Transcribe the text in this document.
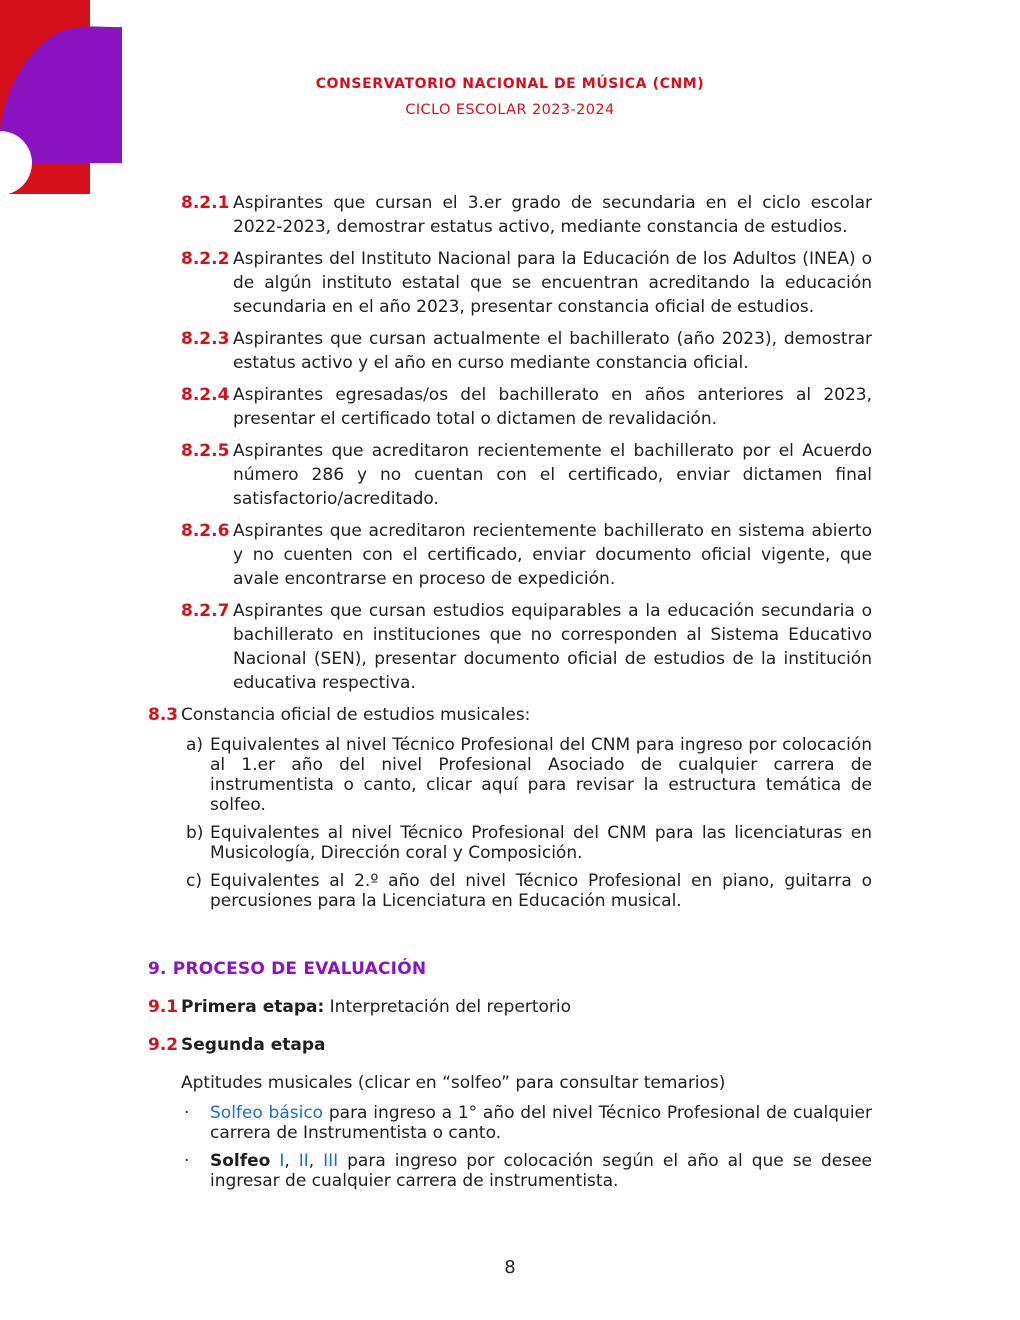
CONSERVATORIO NACIONAL DE MÚSICA (CNM)
CICLO ESCOLAR 2023-2024
8.2.1 Aspirantes que cursan el 3.er grado de secundaria en el ciclo escolar 2022-2023, demostrar estatus activo, mediante constancia de estudios.
8.2.2 Aspirantes del Instituto Nacional para la Educación de los Adultos (INEA) o de algún instituto estatal que se encuentran acreditando la educación secundaria en el año 2023, presentar constancia oficial de estudios.
8.2.3 Aspirantes que cursan actualmente el bachillerato (año 2023), demostrar estatus activo y el año en curso mediante constancia oficial.
8.2.4 Aspirantes egresadas/os del bachillerato en años anteriores al 2023, presentar el certificado total o dictamen de revalidación.
8.2.5 Aspirantes que acreditaron recientemente el bachillerato por el Acuerdo número 286 y no cuentan con el certificado, enviar dictamen final satisfactorio/acreditado.
8.2.6 Aspirantes que acreditaron recientemente bachillerato en sistema abierto y no cuenten con el certificado, enviar documento oficial vigente, que avale encontrarse en proceso de expedición.
8.2.7 Aspirantes que cursan estudios equiparables a la educación secundaria o bachillerato en instituciones que no corresponden al Sistema Educativo Nacional (SEN), presentar documento oficial de estudios de la institución educativa respectiva.
8.3 Constancia oficial de estudios musicales:
a) Equivalentes al nivel Técnico Profesional del CNM para ingreso por colocación al 1.er año del nivel Profesional Asociado de cualquier carrera de instrumentista o canto, clicar aquí para revisar la estructura temática de solfeo.
b) Equivalentes al nivel Técnico Profesional del CNM para las licenciaturas en Musicología, Dirección coral y Composición.
c) Equivalentes al 2.º año del nivel Técnico Profesional en piano, guitarra o percusiones para la Licenciatura en Educación musical.
9. PROCESO DE EVALUACIÓN
9.1 Primera etapa: Interpretación del repertorio
9.2 Segunda etapa
Aptitudes musicales (clicar en “solfeo” para consultar temarios)
· Solfeo básico para ingreso a 1° año del nivel Técnico Profesional de cualquier carrera de Instrumentista o canto.
· Solfeo I, II, III para ingreso por colocación según el año al que se desee ingresar de cualquier carrera de instrumentista.
8
